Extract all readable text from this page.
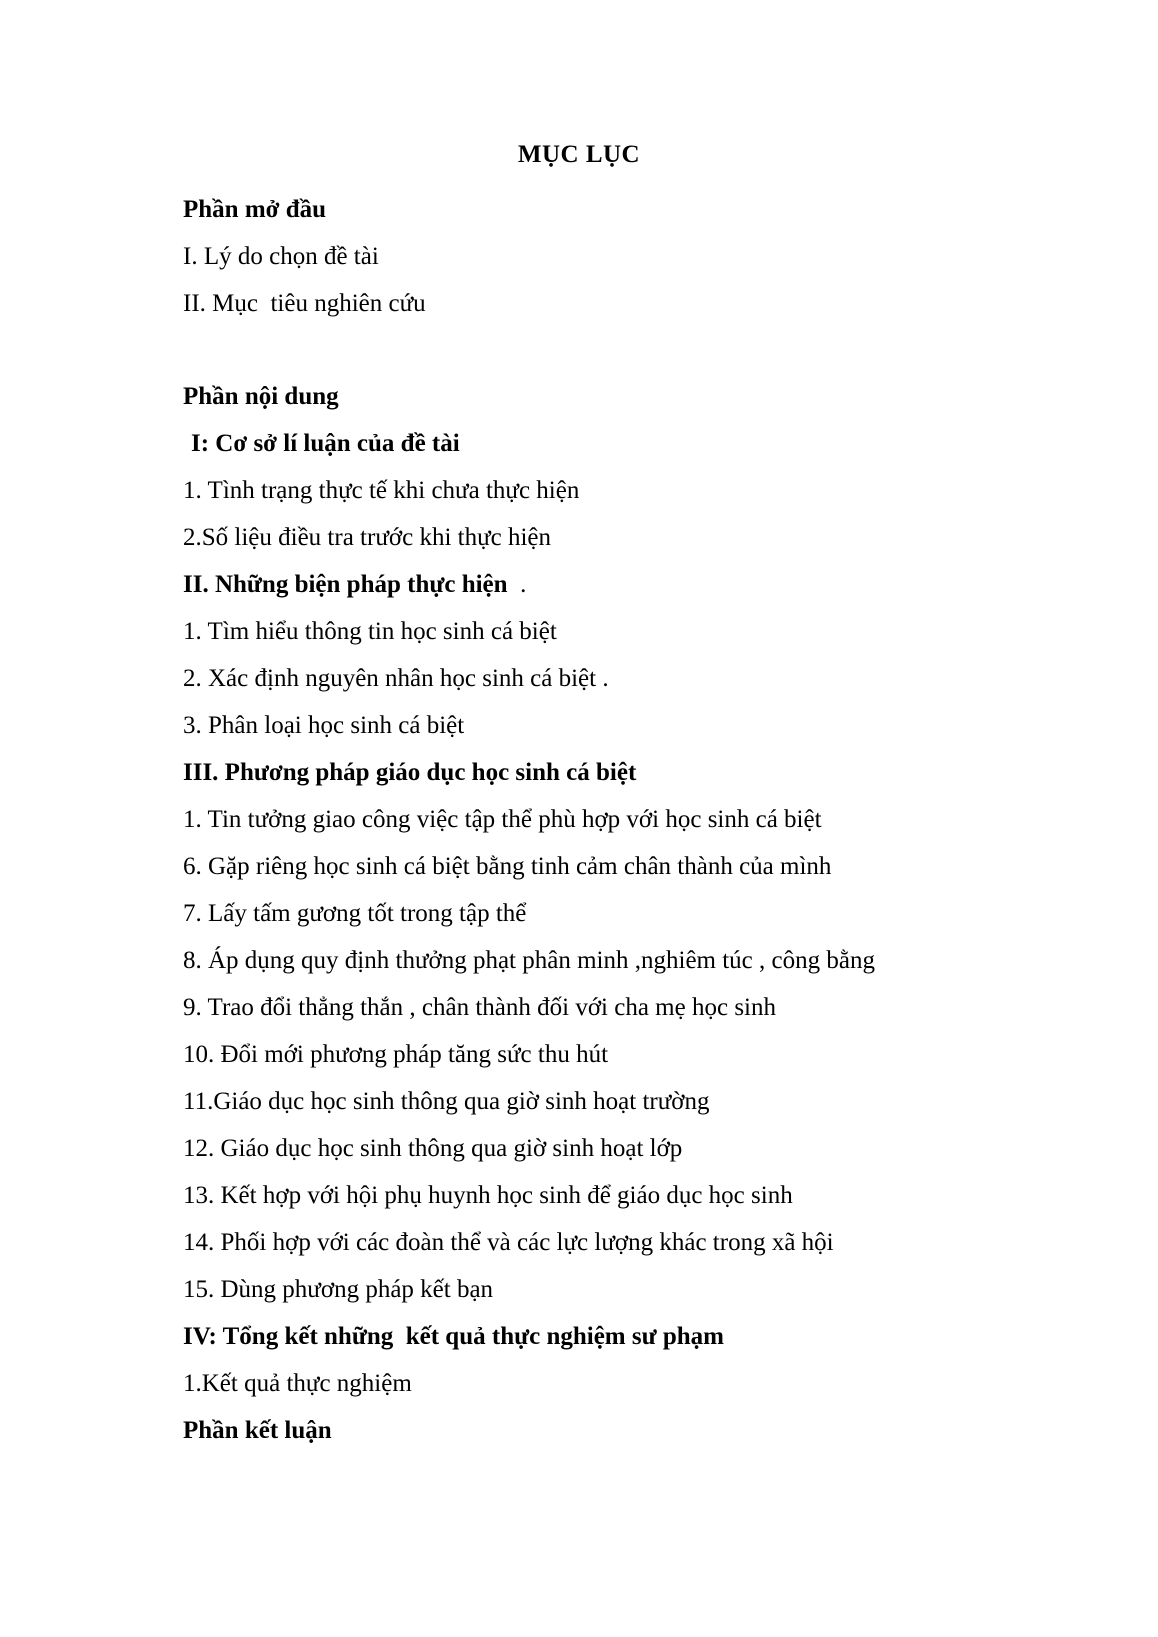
MỤC LỤC
Phần mở đầu
I. Lý do chọn đề tài
II. Mục  tiêu nghiên cứu
Phần nội dung
I: Cơ sở lí luận của đề tài
1. Tình trạng thực tế khi chưa thực hiện
2.Số liệu điều tra trước khi thực hiện
II. Những biện pháp thực hiện  .
1. Tìm hiểu thông tin học sinh cá biệt
2. Xác định nguyên nhân học sinh cá biệt .
3. Phân loại học sinh cá biệt
III. Phương pháp giáo dục học sinh cá biệt
1. Tin tưởng giao công việc tập thể phù hợp với học sinh cá biệt
6. Gặp riêng học sinh cá biệt bằng tinh cảm chân thành của mình
7. Lấy tấm gương tốt trong tập thể
8. Áp dụng quy định thưởng phạt phân minh ,nghiêm túc , công bằng
9. Trao đổi thẳng thắn , chân thành đối với cha mẹ học sinh
10. Đổi mới phương pháp tăng sức thu hút
11.Giáo dục học sinh thông qua giờ sinh hoạt trường
12. Giáo dục học sinh thông qua giờ sinh hoạt lớp
13. Kết hợp với hội phụ huynh học sinh để giáo dục học sinh
14. Phối hợp với các đoàn thể và các lực lượng khác trong xã hội
15. Dùng phương pháp kết bạn
IV: Tổng kết những  kết quả thực nghiệm sư phạm
1.Kết quả thực nghiệm
Phần kết luận
